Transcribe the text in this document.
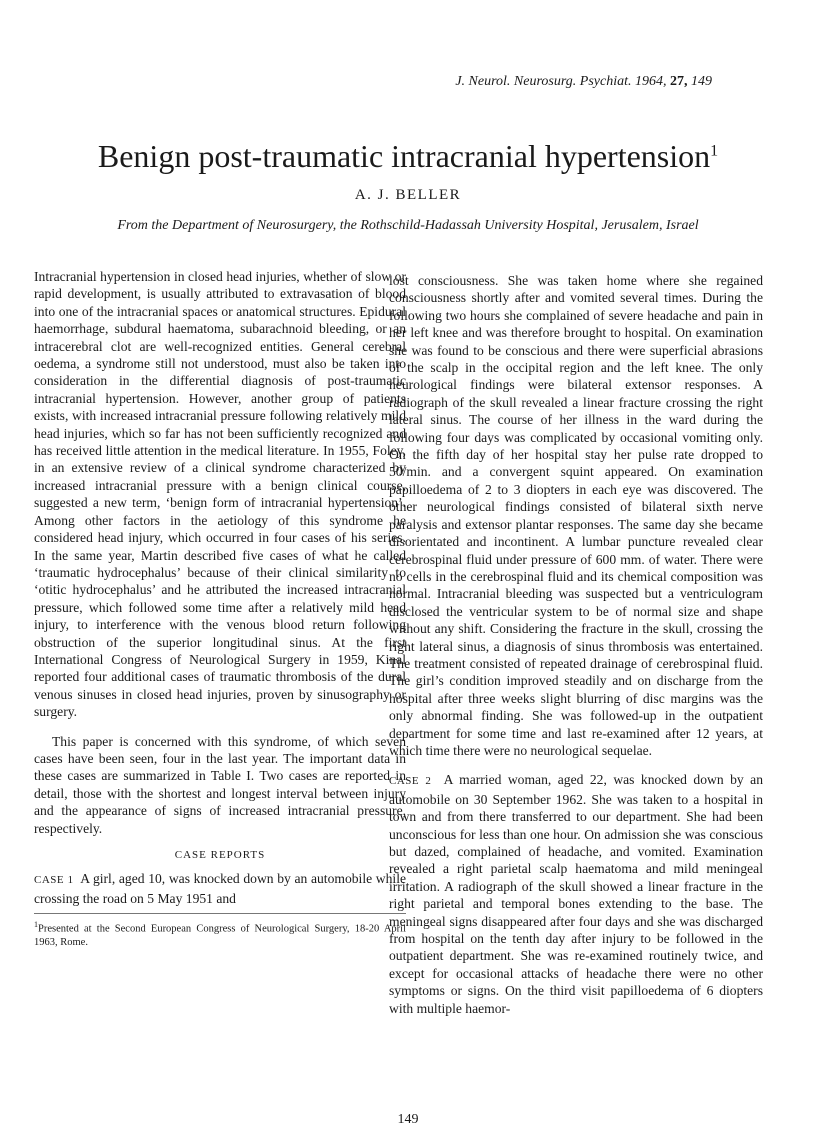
J. Neurol. Neurosurg. Psychiat. 1964, 27, 149
Benign post-traumatic intracranial hypertension$^1$
A. J. BELLER
From the Department of Neurosurgery, the Rothschild-Hadassah University Hospital, Jerusalem, Israel

Intracranial hypertension in closed head injuries, whether of slow or rapid development, is usually attributed to extravasation of blood into one of the intracranial spaces or anatomical structures. Epidural haemorrhage, subdural haematoma, subarachnoid bleeding, or an intracerebral clot are well-recognized entities. General cerebral oedema, a syndrome still not understood, must also be taken into consideration in the differential diagnosis of post-traumatic intracranial hypertension. However, another group of patients exists, with increased intracranial pressure following relatively mild head injuries, which so far has not been sufficiently recognized and has received little attention in the medical literature. In 1955, Foley, in an extensive review of a clinical syndrome characterized by increased intracranial pressure with a benign clinical course, suggested a new term, ‘benign form of intracranial hypertension’. Among other factors in the aetiology of this syndrome he considered head injury, which occurred in four cases of his series. In the same year, Martin described five cases of what he called ‘traumatic hydrocephalus’ because of their clinical similarity to ‘otitic hydrocephalus’ and he attributed the increased intracranial pressure, which followed some time after a relatively mild head injury, to interference with the venous blood return following obstruction of the superior longitudinal sinus. At the first International Congress of Neurological Surgery in 1959, Kinal reported four additional cases of traumatic thrombosis of the dural venous sinuses in closed head injuries, proven by sinusography or surgery.

This paper is concerned with this syndrome, of which seven cases have been seen, four in the last year. The important data in these cases are summarized in Table I. Two cases are reported in detail, those with the shortest and longest interval between injury and the appearance of signs of increased intracranial pressure, respectively.

CASE REPORTS

CASE 1 A girl, aged 10, was knocked down by an automobile while crossing the road on 5 May 1951 and

$^1$Presented at the Second European Congress of Neurological Surgery, 18-20 April 1963, Rome.

lost consciousness. She was taken home where she regained consciousness shortly after and vomited several times. During the following two hours she complained of severe headache and pain in her left knee and was therefore brought to hospital. On examination she was found to be conscious and there were superficial abrasions of the scalp in the occipital region and the left knee. The only neurological findings were bilateral extensor responses. A radiograph of the skull revealed a linear fracture crossing the right lateral sinus. The course of her illness in the ward during the following four days was complicated by occasional vomiting only. On the fifth day of her hospital stay her pulse rate dropped to 50/min. and a convergent squint appeared. On examination papilloedema of 2 to 3 diopters in each eye was discovered. The other neurological findings consisted of bilateral sixth nerve paralysis and extensor plantar responses. The same day she became disorientated and incontinent. A lumbar puncture revealed clear cerebrospinal fluid under pressure of 600 mm. of water. There were no cells in the cerebrospinal fluid and its chemical composition was normal. Intracranial bleeding was suspected but a ventriculogram disclosed the ventricular system to be of normal size and shape without any shift. Considering the fracture in the skull, crossing the right lateral sinus, a diagnosis of sinus thrombosis was entertained. The treatment consisted of repeated drainage of cerebrospinal fluid. The girl’s condition improved steadily and on discharge from the hospital after three weeks slight blurring of disc margins was the only abnormal finding. She was followed-up in the outpatient department for some time and last re-examined after 12 years, at which time there were no neurological sequelae.

CASE 2 A married woman, aged 22, was knocked down by an automobile on 30 September 1962. She was taken to a hospital in town and from there transferred to our department. She had been unconscious for less than one hour. On admission she was conscious but dazed, complained of headache, and vomited. Examination revealed a right parietal scalp haematoma and mild meningeal irritation. A radiograph of the skull showed a linear fracture in the right parietal and temporal bones extending to the base. The meningeal signs disappeared after four days and she was discharged from hospital on the tenth day after injury to be followed in the outpatient department. She was re-examined routinely twice, and except for occasional attacks of headache there were no other symptoms or signs. On the third visit papilloedema of 6 diopters with multiple haemor-

149
